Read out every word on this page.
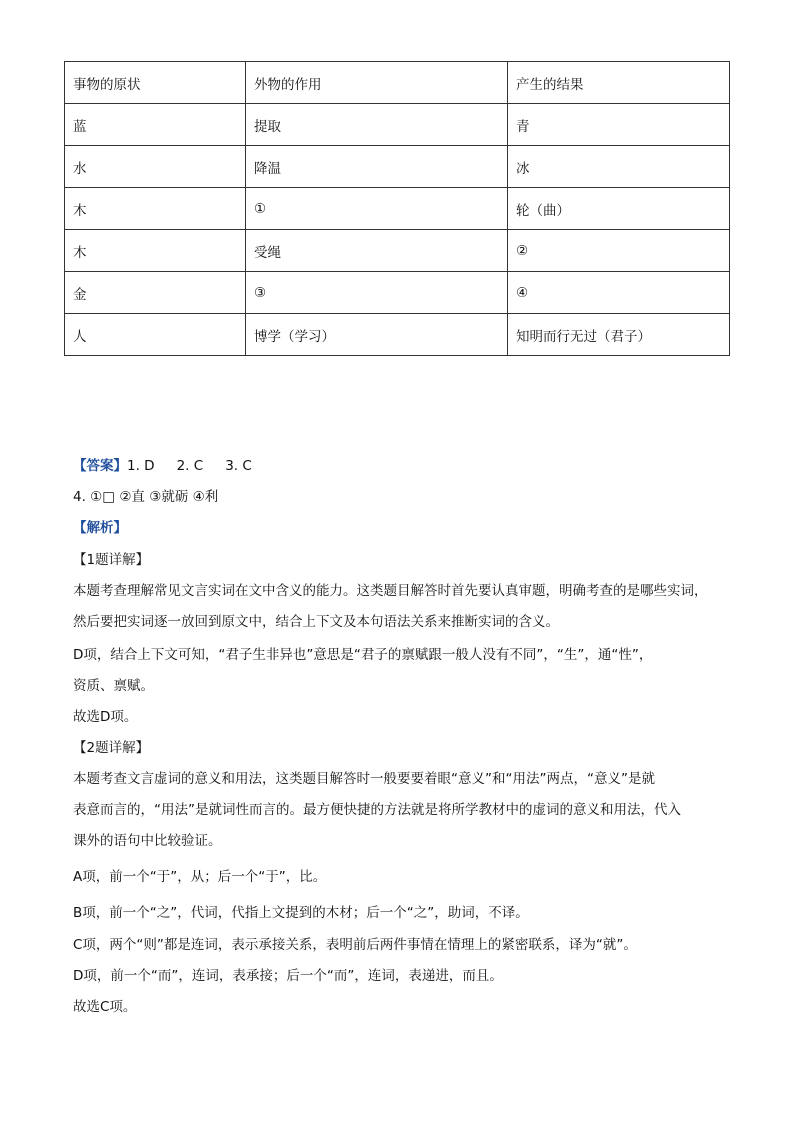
事物的原状	外物的作用	产生的结果
蓝	提取	青
水	降温	冰
木	①	轮（曲）
木	受绳	②
金	③	④
人	博学（学习）	知明而行无过（君子）
【答案】1. D 2. C 3. C
4. ①□ ②直 ③就砺 ④利
【解析】
【1题详解】
本题考查理解常见文言实词在文中含义的能力。这类题目解答时首先要认真审题，明确考查的是哪些实词，
然后要把实词逐一放回到原文中，结合上下文及本句语法关系来推断实词的含义。
D项，结合上下文可知，“君子生非异也”意思是“君子的禀赋跟一般人没有不同”，“生”，通“性”，
资质、禀赋。
故选D项。
【2题详解】
本题考查文言虚词的意义和用法，这类题目解答时一般要要着眼“意义”和“用法”两点，“意义”是就
表意而言的，“用法”是就词性而言的。最方便快捷的方法就是将所学教材中的虚词的意义和用法，代入
课外的语句中比较验证。
A项，前一个“于”，从；后一个“于”，比。
B项，前一个“之”，代词，代指上文提到的木材；后一个“之”，助词，不译。
C项，两个“则”都是连词，表示承接关系，表明前后两件事情在情理上的紧密联系，译为“就”。
D项，前一个“而”，连词，表承接；后一个“而”，连词，表递进，而且。
故选C项。
